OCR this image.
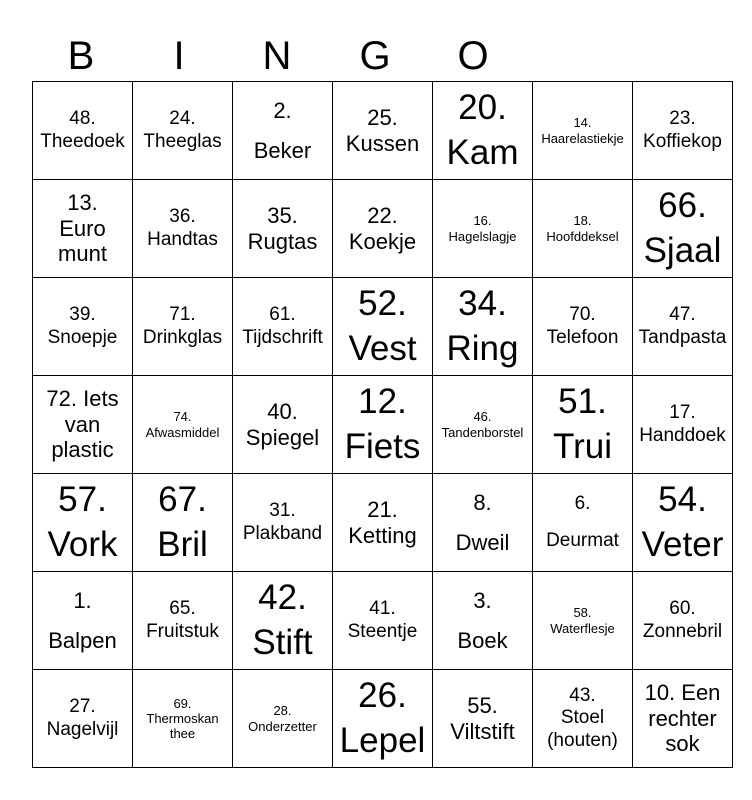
B	I	N	G	O
48.
Theedoek	24.
Theeglas	2.
Beker	25.
Kussen	20.
Kam	14.
Haarelastiekje	23.
Koffiekop

13.
Euro
munt	36.
Handtas	35.
Rugtas	22.
Koekje	16.
Hagelslagje	18.
Hoofddeksel	66.
Sjaal

39.
Snoepje	71.
Drinkglas	61.
Tijdschrift	52.
Vest	34.
Ring	70.
Telefoon	47.
Tandpasta

72. Iets
van
plastic	74.
Afwasmiddel	40.
Spiegel	12.
Fiets	46.
Tandenborstel	51.
Trui	17.
Handdoek

57.
Vork	67.
Bril	31.
Plakband	21.
Ketting	8.
Dweil	6.
Deurmat	54.
Veter

1.
Balpen	65.
Fruitstuk	42.
Stift	41.
Steentje	3.
Boek	58.
Waterflesje	60.
Zonnebril

27.
Nagelvijl	69.
Thermoskan
thee	28.
Onderzetter	26.
Lepel	55.
Viltstift	43.
Stoel
(houten)	10. Een
rechter
sok
